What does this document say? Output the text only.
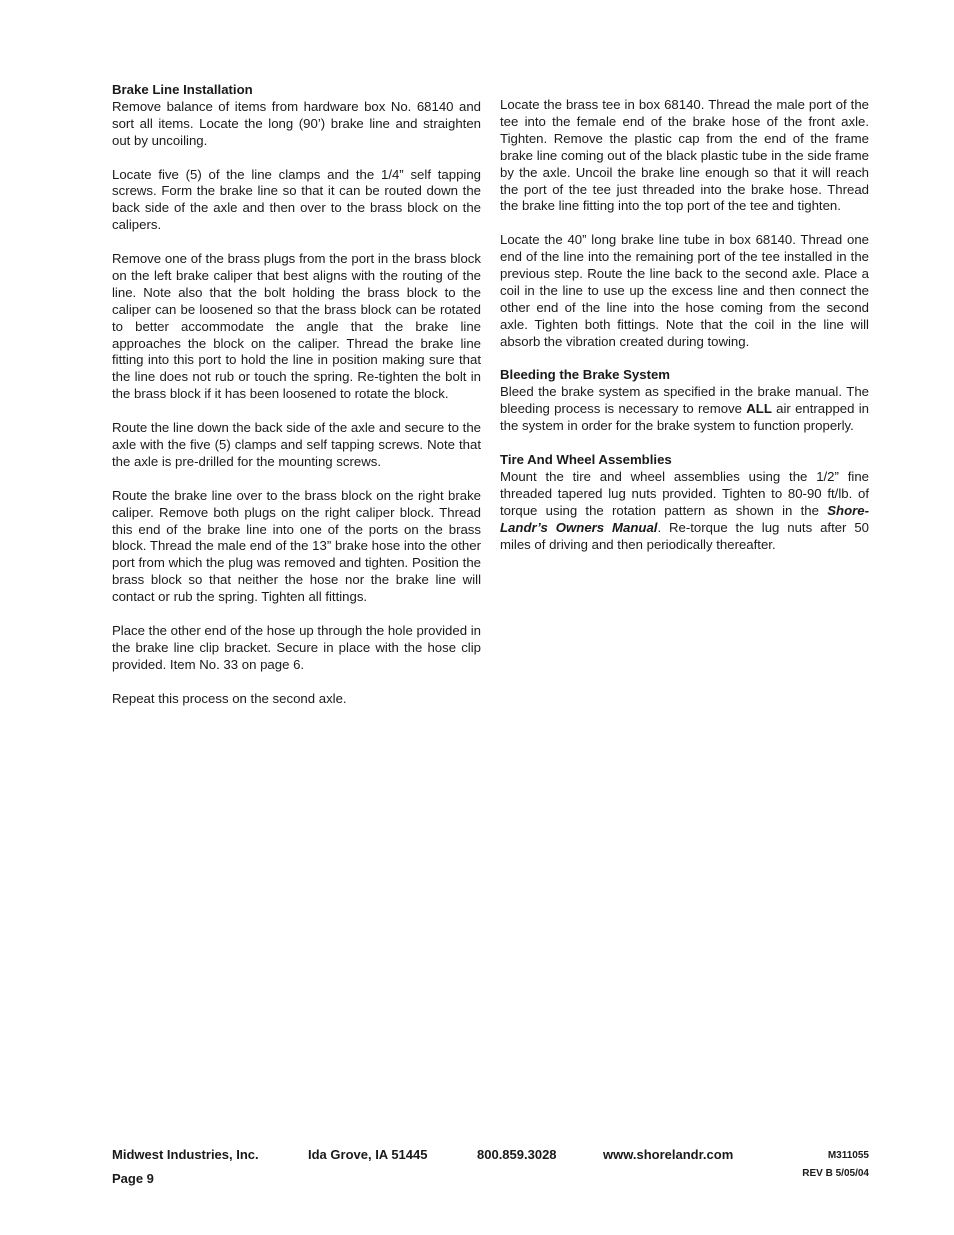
Brake Line Installation

Remove balance of items from hardware box No. 68140 and sort all items. Locate the long (90’) brake line and straighten out by uncoiling.

Locate five (5) of the line clamps and the 1/4” self tapping screws. Form the brake line so that it can be routed down the back side of the axle and then over to the brass block on the calipers.

Remove one of the brass plugs from the port in the brass block on the left brake caliper that best aligns with the routing of the line. Note also that the bolt holding the brass block to the caliper can be loosened so that the brass block can be rotated to better accommodate the angle that the brake line approaches the block on the caliper. Thread the brake line fitting into this port to hold the line in position making sure that the line does not rub or touch the spring. Re-tighten the bolt in the brass block if it has been loosened to rotate the block.

Route the line down the back side of the axle and secure to the axle with the five (5) clamps and self tapping screws. Note that the axle is pre-drilled for the mounting screws.

Route the brake line over to the brass block on the right brake caliper. Remove both plugs on the right caliper block. Thread this end of the brake line into one of the ports on the brass block. Thread the male end of the 13” brake hose into the other port from which the plug was removed and tighten. Position the brass block so that neither the hose nor the brake line will contact or rub the spring. Tighten all fittings.

Place the other end of the hose up through the hole provided in the brake line clip bracket. Secure in place with the hose clip provided. Item No. 33 on page 6.

Repeat this process on the second axle.

Locate the brass tee in box 68140. Thread the male port of the tee into the female end of the brake hose of the front axle. Tighten. Remove the plastic cap from the end of the frame brake line coming out of the black plastic tube in the side frame by the axle. Uncoil the brake line enough so that it will reach the port of the tee just threaded into the brake hose. Thread the brake line fitting into the top port of the tee and tighten.

Locate the 40” long brake line tube in box 68140. Thread one end of the line into the remaining port of the tee installed in the previous step. Route the line back to the second axle. Place a coil in the line to use up the excess line and then connect the other end of the line into the hose coming from the second axle. Tighten both fittings. Note that the coil in the line will absorb the vibration created during towing.

Bleeding the Brake System

Bleed the brake system as specified in the brake manual. The bleeding process is necessary to remove ALL air entrapped in the system in order for the brake system to function properly.

Tire And Wheel Assemblies

Mount the tire and wheel assemblies using the 1/2” fine threaded tapered lug nuts provided. Tighten to 80-90 ft/lb. of torque using the rotation pattern as shown in the Shore-Landr’s Owners Manual. Re-torque the lug nuts after 50 miles of driving and then periodically thereafter.

Midwest Industries, Inc.	Ida Grove, IA 51445	800.859.3028	www.shorelandr.com
Page 9
M311055
REV B 5/05/04
